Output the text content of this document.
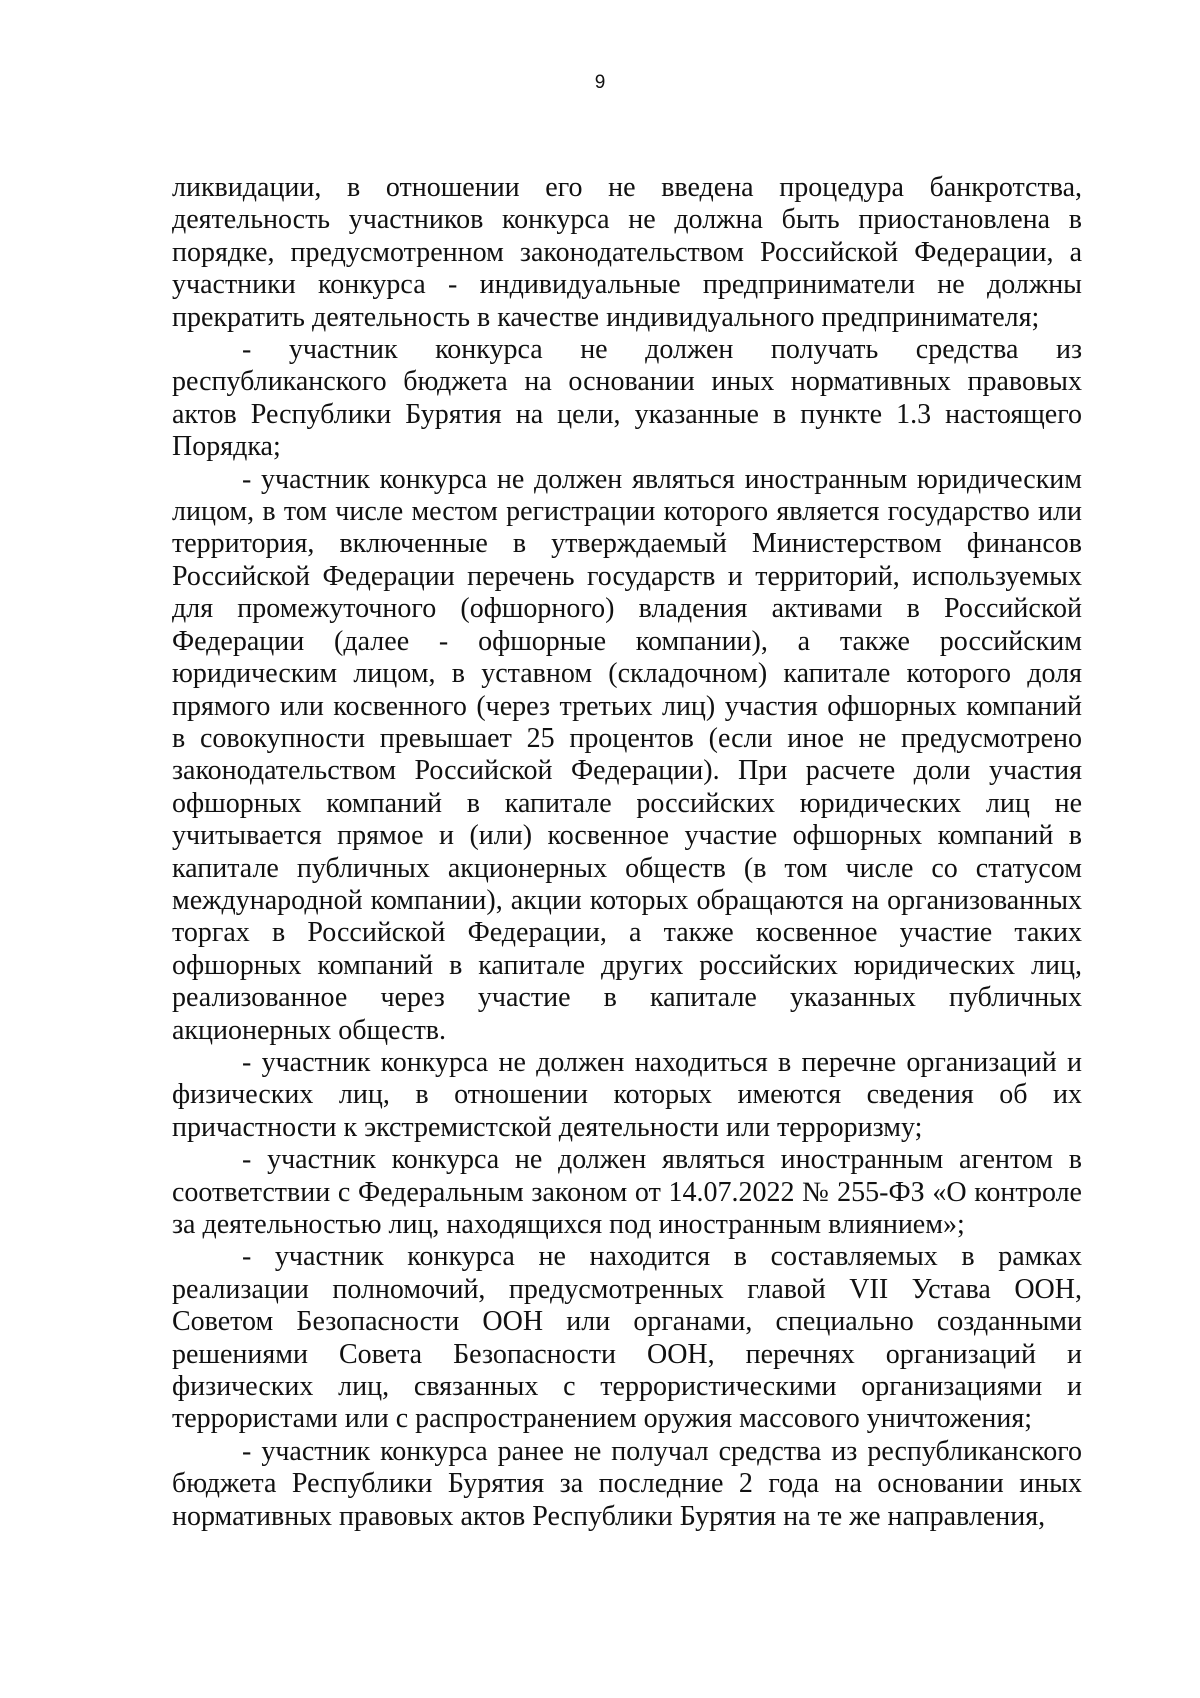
9

ликвидации, в отношении его не введена процедура банкротства, деятельность участников конкурса не должна быть приостановлена в порядке, предусмотренном законодательством Российской Федерации, а участники конкурса - индивидуальные предприниматели не должны прекратить деятельность в качестве индивидуального предпринимателя;

- участник конкурса не должен получать средства из республиканского бюджета на основании иных нормативных правовых актов Республики Бурятия на цели, указанные в пункте 1.3 настоящего Порядка;

- участник конкурса не должен являться иностранным юридическим лицом, в том числе местом регистрации которого является государство или территория, включенные в утверждаемый Министерством финансов Российской Федерации перечень государств и территорий, используемых для промежуточного (офшорного) владения активами в Российской Федерации (далее - офшорные компании), а также российским юридическим лицом, в уставном (складочном) капитале которого доля прямого или косвенного (через третьих лиц) участия офшорных компаний в совокупности превышает 25 процентов (если иное не предусмотрено законодательством Российской Федерации). При расчете доли участия офшорных компаний в капитале российских юридических лиц не учитывается прямое и (или) косвенное участие офшорных компаний в капитале публичных акционерных обществ (в том числе со статусом международной компании), акции которых обращаются на организованных торгах в Российской Федерации, а также косвенное участие таких офшорных компаний в капитале других российских юридических лиц, реализованное через участие в капитале указанных публичных акционерных обществ.

- участник конкурса не должен находиться в перечне организаций и физических лиц, в отношении которых имеются сведения об их причастности к экстремистской деятельности или терроризму;

- участник конкурса не должен являться иностранным агентом в соответствии с Федеральным законом от 14.07.2022 № 255-ФЗ «О контроле за деятельностью лиц, находящихся под иностранным влиянием»;

- участник конкурса не находится в составляемых в рамках реализации полномочий, предусмотренных главой VII Устава ООН, Советом Безопасности ООН или органами, специально созданными решениями Совета Безопасности ООН, перечнях организаций и физических лиц, связанных с террористическими организациями и террористами или с распространением оружия массового уничтожения;

- участник конкурса ранее не получал средства из республиканского бюджета Республики Бурятия за последние 2 года на основании иных нормативных правовых актов Республики Бурятия на те же направления,
